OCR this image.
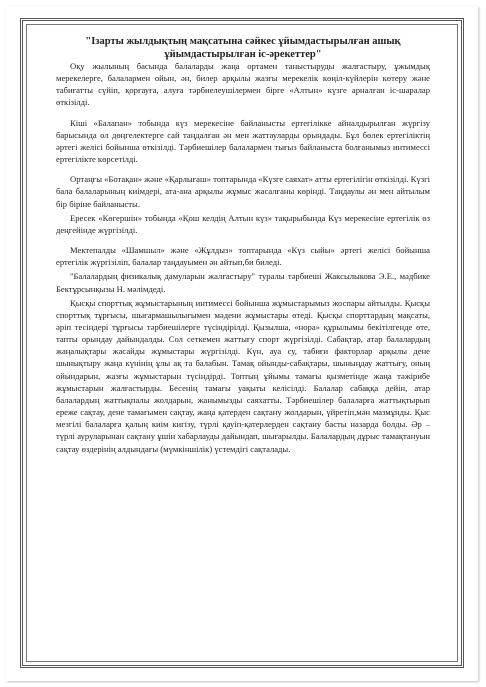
"Ізарты жылдықтың мақсатына сәйкес ұйымдастырылған ашық ұйымдастырылған іс-әрекеттер"

Оқу жылының басында балаларды жаңа ортамен таныстыруды жалғастыру, ұжымдық мерекелерге, балалармен ойын, ән, билер арқылы жазғы мерекелік көңіл-күйлерін көтеру және табиғатты сүйіп, қорғауға, алуға тәрбиелеушілермен бірге «Алтын» күзге арналған іс-шаралар өткізілді.

Кіші «Балапан» тобында күз мерекесіне байланысты ертегілікке айналдырылған жүргізу барысында ол дөңгелектерге сай таңдалған ән мен жаттауларды орындады. Бұл бөлек ертегіліктің әртегі желісі бойынша өткізілді. Тәрбиешілер балалармен тығыз байланыста болғанымыз интимессі ертегілікте көрсетілді.

Ортаңғы «Ботақан» және «Қарлығаш» топтарында «Күзге саяхат» атты ертегілігін өткізілді. Күзгі бала балаларының киімдері, ата-ана арқылы жұмыс жасалғаны көрінді. Таңдаулы ән мен айтылым бір біріне байланысты.

Ересек «Көгершін» тобында «Қош келдің Алтын күз» тақырыбында Күз мерекесіне ертегілік өз деңгейінде жүргізілді.

Мектепалды «Шамшыл» және «Жұлдыз» топтарында «Күз сыйы» әртегі желісі бойынша ертегілік жүргізіліп, балалар таңдауымен ән айтып,би биледі.

"Балалардың физикалық дамуларын жалғастыру" туралы тәрбиеші Жаксылыкова Э.Е., мәдбике Бектұрсынқызы Н. мәлімдеді.

Қысқы спорттық жұмыстарының интимессі бойынша жұмыстарымыз жоспары айтылды. Қысқы спорттық тұрғысы, шығармашылығымен мәдени жұмыстары өтеді. Қысқы спорттардың мақсаты, әріп тесіндері тұрғысы тәрбиешілерге түсіндірілді. Қызылша, «нора» құрылымы бекітілгенде өте, тапты орындау дайындалды. Сол сеткемен жаттығу спорт жүргізілді. Сабақтар, атар балалардың жаңалықтары жасайды жұмыстары жүргізілді. Күн, ауа су, табиғи факторлар арқылы дене шынықтыру жаңа күнінің ұлы ақ та балабын. Тамақ ойынды-сабақтары, шыныңдау жаттығу, оның ойындарын, жазғы жұмыстарын түсіндірді. Топтың ұйымы тамағы қызметінде жаңа тәжірибе жұмыстарын жалғастырды. Бесенің тамағы уақыты келісілді. Балалар сабаққа дейін, атар балалардың жаттықпалы жолдарын, жанымызды саяхатты. Тәрбиешілер балаларға жаттықтырып ереже сақтау, дене тамағымен сақтау, жаңа қатерден сақтану жолдарын, үйретіп,мән мазмұнды. Қыс мезгілі балаларға қалың киім кигізу, түрлі қауіп-қатерлерден сақтану басты назарда болды. Әр – түрлі ауруларынан сақтану ұшін хабарлауды дайындап, шығарылды. Балалардың дұрыс тамақтануын сақтау өздерінің алдындағы (мүмкіншілік) үстемдігі сақталады.
